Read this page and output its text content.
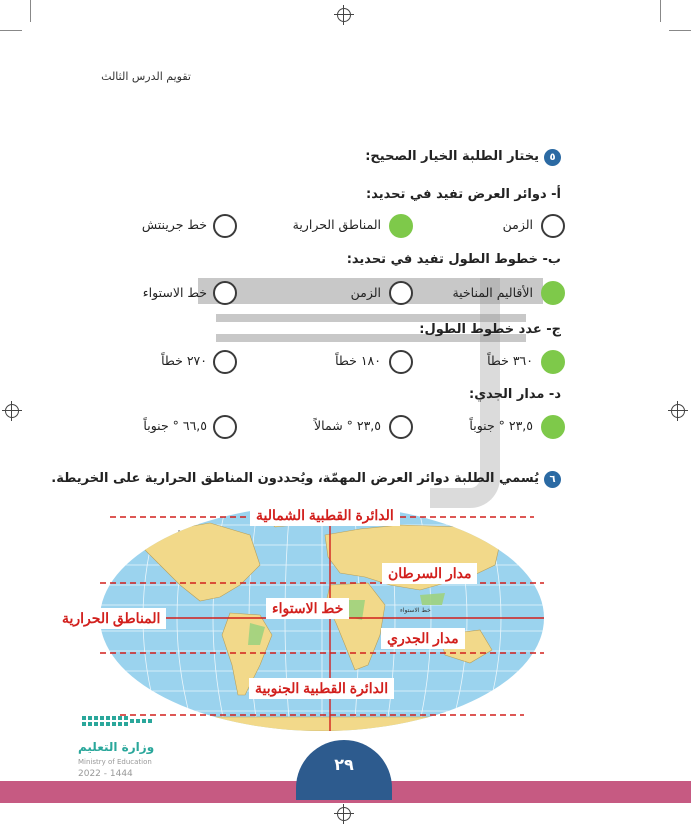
تقويم الدرس الثالث
٥
يختار الطلبة الخيار الصحيح:
أ- دوائر العرض تفيد في تحديد:
الزمن
المناطق الحرارية
خط جرينتش
ب- خطوط الطول تفيد في تحديد:
الأقاليم المناخية
الزمن
خط الاستواء
ج- عدد خطوط الطول:
٣٦٠ خطاً
١٨٠ خطاً
٢٧٠ خطاً
د- مدار الجدي:
٢٣,٥ ° جنوباً
٢٣,٥ ° شمالاً
٦٦,٥ ° جنوباً
٦
يُسمي الطلبة دوائر العرض المهمّة، ويُحددون المناطق الحرارية على الخريطة.
خط الاستواء
الدائرة القطبية الشمالية
مدار السرطان
خط الاستواء
المناطق الحرارية
مدار الجدري
الدائرة القطبية الجنوبية
وزارة التعليم
Ministry of Education
2022 - 1444	٢٩
